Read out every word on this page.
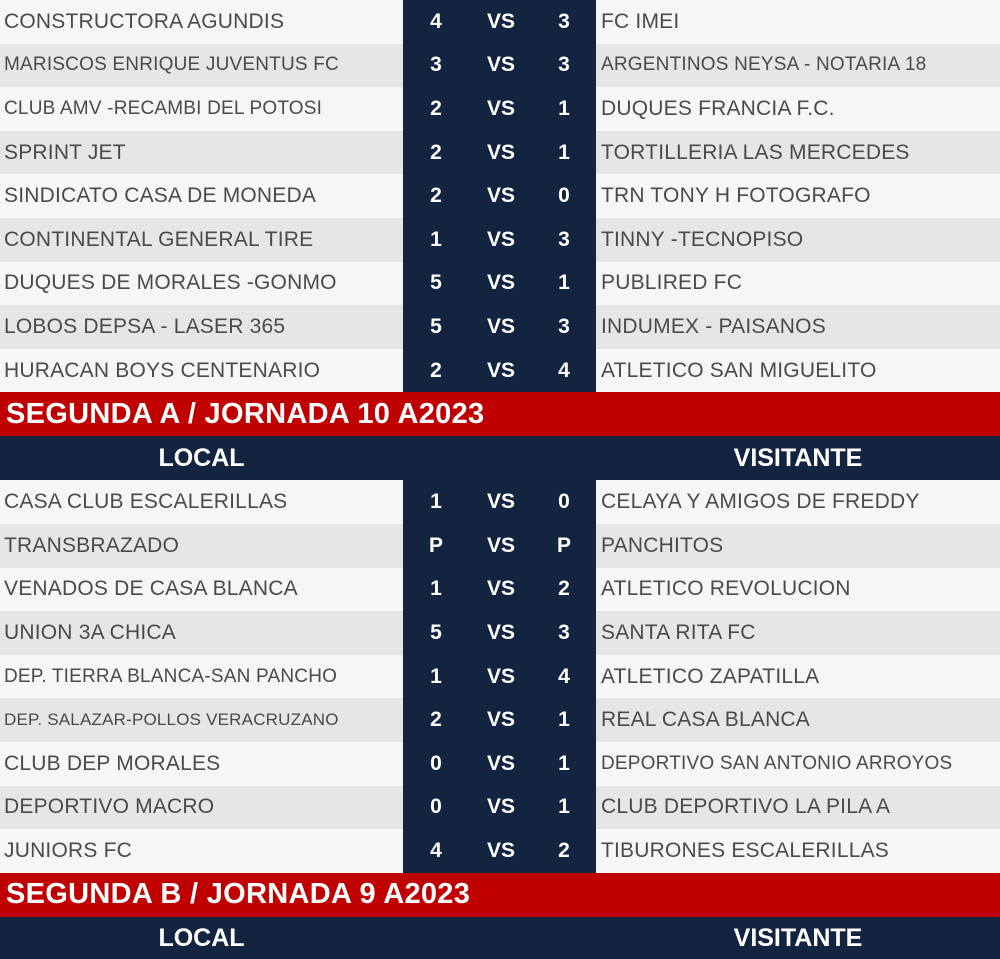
CONSTRUCTORA AGUNDIS	4	VS	3	FC IMEI
MARISCOS ENRIQUE JUVENTUS FC	3	VS	3	ARGENTINOS NEYSA - NOTARIA 18
CLUB AMV -RECAMBI DEL POTOSI	2	VS	1	DUQUES FRANCIA F.C.
SPRINT JET	2	VS	1	TORTILLERIA LAS MERCEDES
SINDICATO CASA DE MONEDA	2	VS	0	TRN TONY H FOTOGRAFO
CONTINENTAL GENERAL TIRE	1	VS	3	TINNY -TECNOPISO
DUQUES DE MORALES -GONMO	5	VS	1	PUBLIRED FC
LOBOS DEPSA - LASER 365	5	VS	3	INDUMEX - PAISANOS
HURACAN BOYS CENTENARIO	2	VS	4	ATLETICO SAN MIGUELITO
SEGUNDA A / JORNADA 10 A2023
LOCAL	VISITANTE
CASA CLUB ESCALERILLAS	1	VS	0	CELAYA Y AMIGOS DE FREDDY
TRANSBRAZADO	P	VS	P	PANCHITOS
VENADOS DE CASA BLANCA	1	VS	2	ATLETICO REVOLUCION
UNION 3A CHICA	5	VS	3	SANTA RITA FC
DEP. TIERRA BLANCA-SAN PANCHO	1	VS	4	ATLETICO ZAPATILLA
DEP. SALAZAR-POLLOS VERACRUZANO	2	VS	1	REAL CASA BLANCA
CLUB DEP MORALES	0	VS	1	DEPORTIVO SAN ANTONIO ARROYOS
DEPORTIVO MACRO	0	VS	1	CLUB DEPORTIVO LA PILA A
JUNIORS FC	4	VS	2	TIBURONES ESCALERILLAS
SEGUNDA B / JORNADA 9 A2023
LOCAL	VISITANTE
